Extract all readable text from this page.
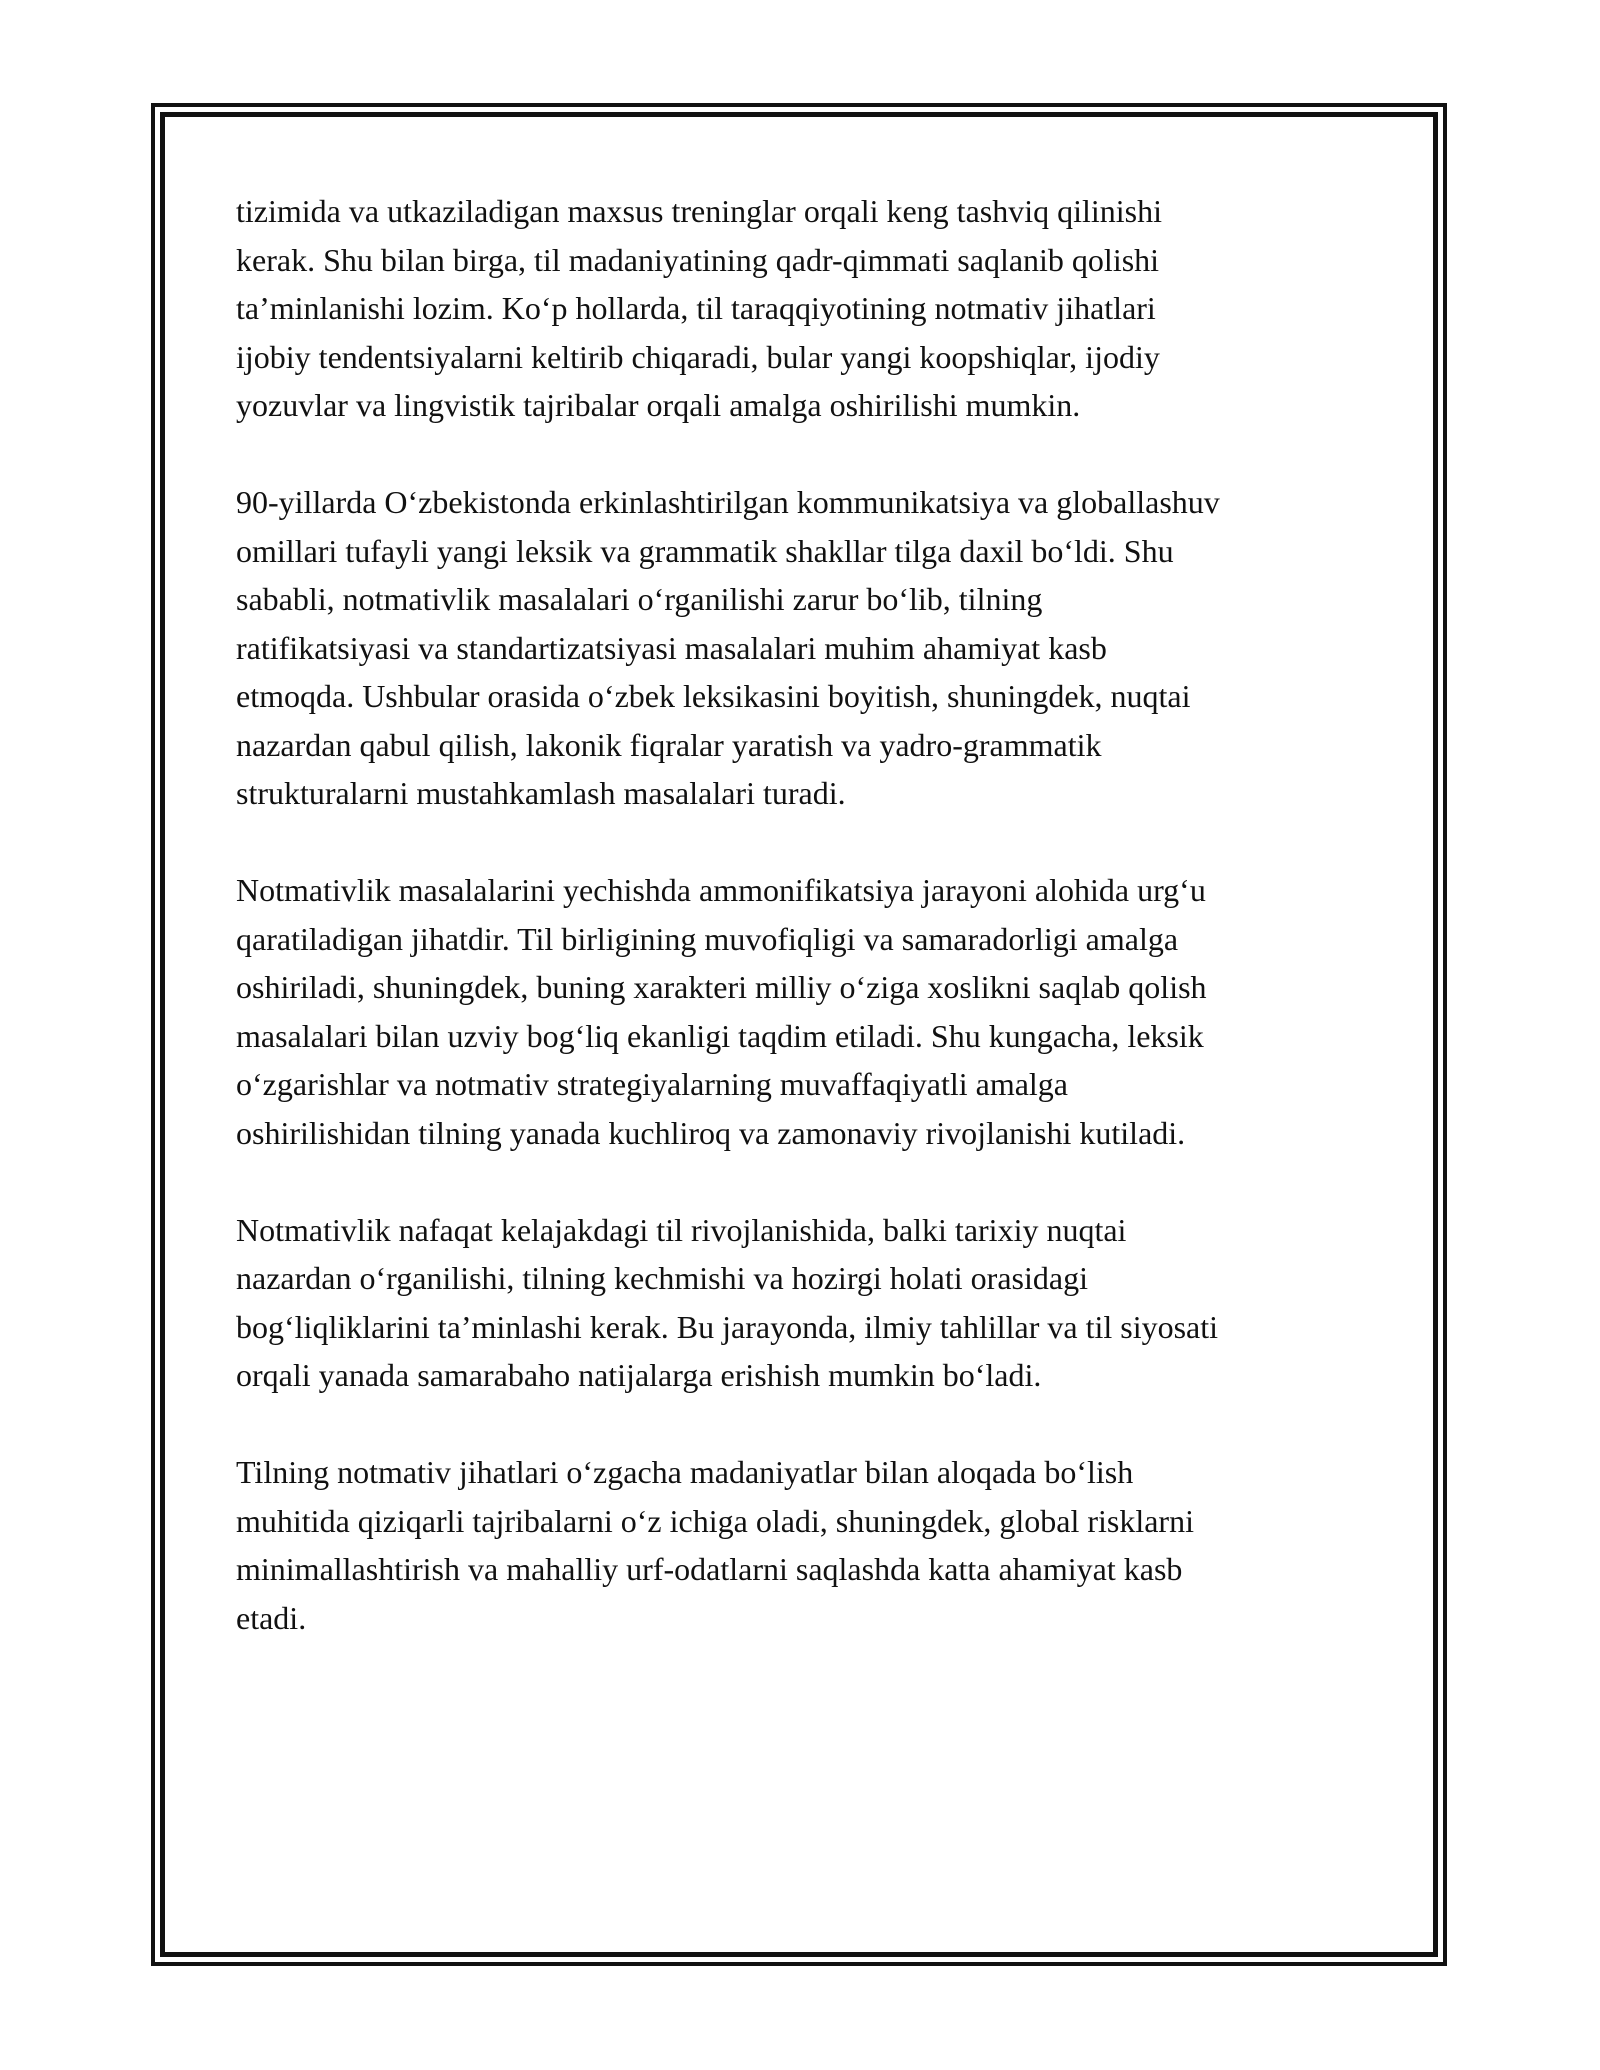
tizimida va utkaziladigan maxsus treninglar orqali keng tashviq qilinishi
kerak. Shu bilan birga, til madaniyatining qadr-qimmati saqlanib qolishi
ta’minlanishi lozim. Ko‘p hollarda, til taraqqiyotining notmativ jihatlari
ijobiy tendentsiyalarni keltirib chiqaradi, bular yangi koopshiqlar, ijodiy
yozuvlar va lingvistik tajribalar orqali amalga oshirilishi mumkin.

90-yillarda O‘zbekistonda erkinlashtirilgan kommunikatsiya va globallashuv
omillari tufayli yangi leksik va grammatik shakllar tilga daxil bo‘ldi. Shu
sababli, notmativlik masalalari o‘rganilishi zarur bo‘lib, tilning
ratifikatsiyasi va standartizatsiyasi masalalari muhim ahamiyat kasb
etmoqda. Ushbular orasida o‘zbek leksikasini boyitish, shuningdek, nuqtai
nazardan qabul qilish, lakonik fiqralar yaratish va yadro-grammatik
strukturalarni mustahkamlash masalalari turadi.

Notmativlik masalalarini yechishda ammonifikatsiya jarayoni alohida urg‘u
qaratiladigan jihatdir. Til birligining muvofiqligi va samaradorligi amalga
oshiriladi, shuningdek, buning xarakteri milliy o‘ziga xoslikni saqlab qolish
masalalari bilan uzviy bog‘liq ekanligi taqdim etiladi. Shu kungacha, leksik
o‘zgarishlar va notmativ strategiyalarning muvaffaqiyatli amalga
oshirilishidan tilning yanada kuchliroq va zamonaviy rivojlanishi kutiladi.

Notmativlik nafaqat kelajakdagi til rivojlanishida, balki tarixiy nuqtai
nazardan o‘rganilishi, tilning kechmishi va hozirgi holati orasidagi
bog‘liqliklarini ta’minlashi kerak. Bu jarayonda, ilmiy tahlillar va til siyosati
orqali yanada samarabaho natijalarga erishish mumkin bo‘ladi.

Tilning notmativ jihatlari o‘zgacha madaniyatlar bilan aloqada bo‘lish
muhitida qiziqarli tajribalarni o‘z ichiga oladi, shuningdek, global risklarni
minimallashtirish va mahalliy urf-odatlarni saqlashda katta ahamiyat kasb
etadi.
